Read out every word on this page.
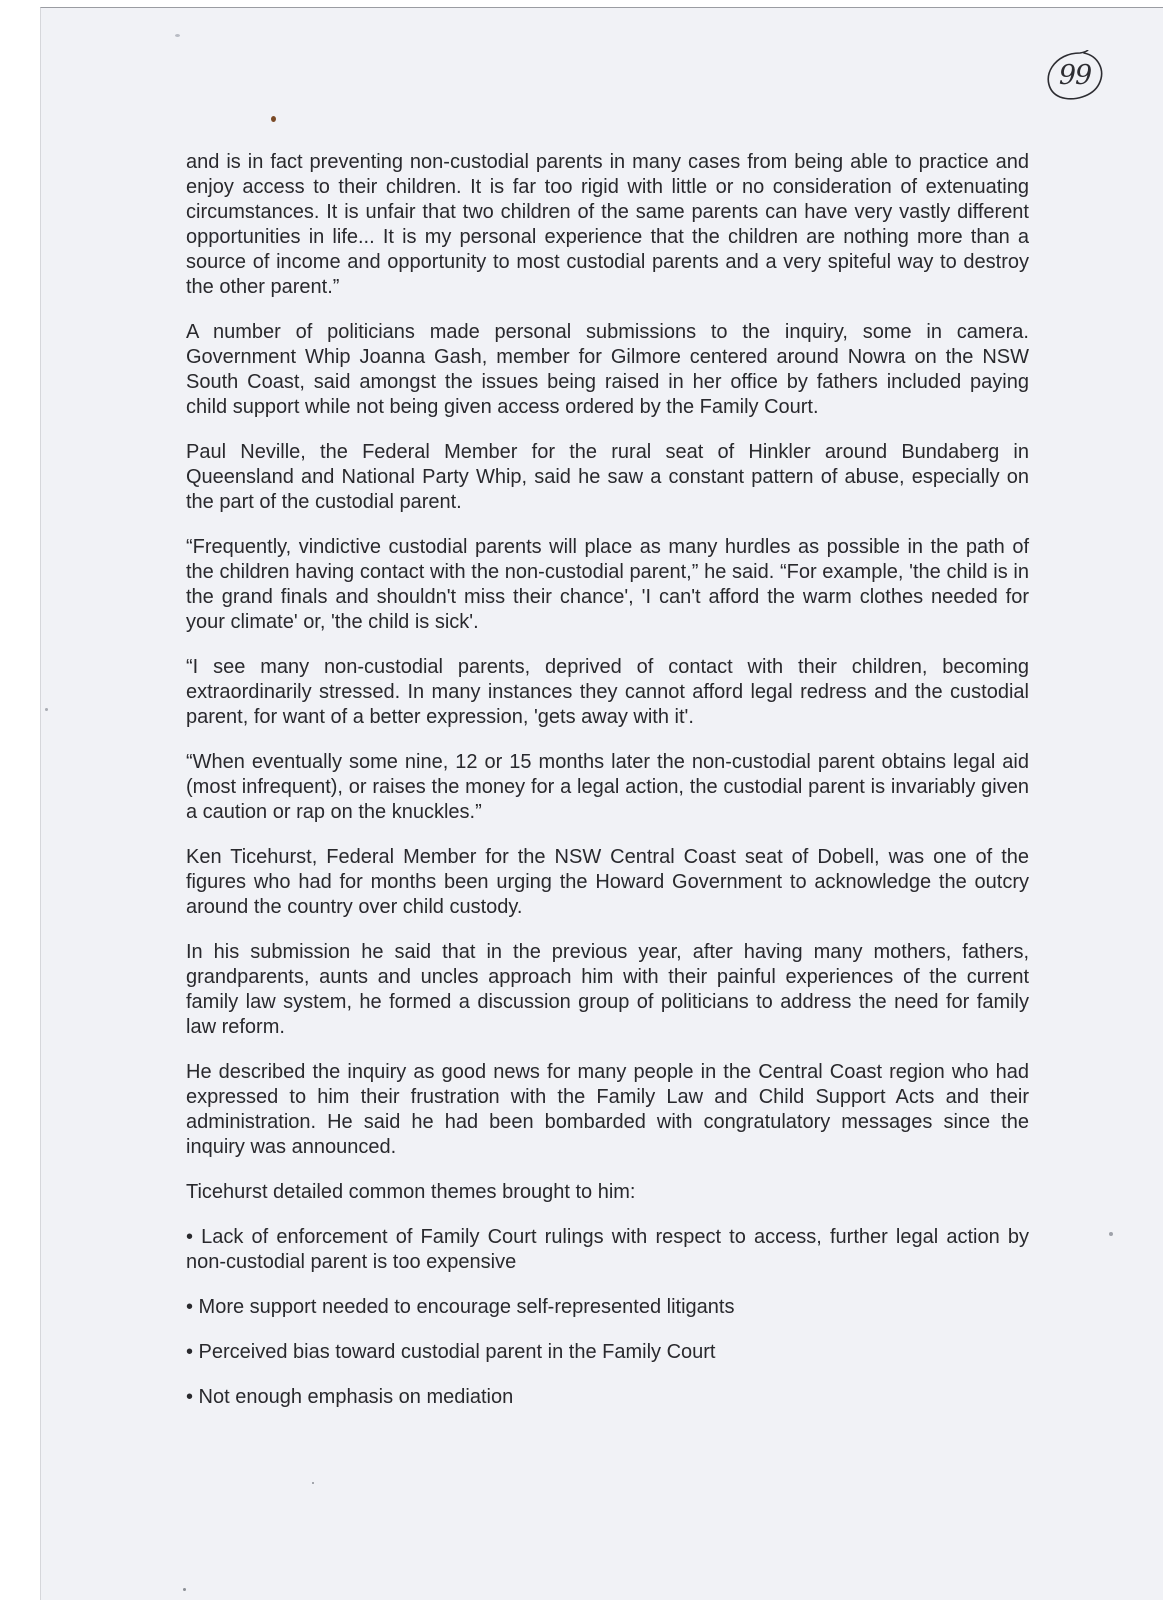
99

and is in fact preventing non-custodial parents in many cases from being able to practice and enjoy access to their children. It is far too rigid with little or no consideration of extenuating circumstances. It is unfair that two children of the same parents can have very vastly different opportunities in life... It is my personal experience that the children are nothing more than a source of income and opportunity to most custodial parents and a very spiteful way to destroy the other parent.”

A number of politicians made personal submissions to the inquiry, some in camera. Government Whip Joanna Gash, member for Gilmore centered around Nowra on the NSW South Coast, said amongst the issues being raised in her office by fathers included paying child support while not being given access ordered by the Family Court.

Paul Neville, the Federal Member for the rural seat of Hinkler around Bundaberg in Queensland and National Party Whip, said he saw a constant pattern of abuse, especially on the part of the custodial parent.

“Frequently, vindictive custodial parents will place as many hurdles as possible in the path of the children having contact with the non-custodial parent,” he said. “For example, 'the child is in the grand finals and shouldn't miss their chance', 'I can't afford the warm clothes needed for your climate' or, 'the child is sick'.

“I see many non-custodial parents, deprived of contact with their children, becoming extraordinarily stressed. In many instances they cannot afford legal redress and the custodial parent, for want of a better expression, 'gets away with it'.

“When eventually some nine, 12 or 15 months later the non-custodial parent obtains legal aid (most infrequent), or raises the money for a legal action, the custodial parent is invariably given a caution or rap on the knuckles.”

Ken Ticehurst, Federal Member for the NSW Central Coast seat of Dobell, was one of the figures who had for months been urging the Howard Government to acknowledge the outcry around the country over child custody.

In his submission he said that in the previous year, after having many mothers, fathers, grandparents, aunts and uncles approach him with their painful experiences of the current family law system, he formed a discussion group of politicians to address the need for family law reform.

He described the inquiry as good news for many people in the Central Coast region who had expressed to him their frustration with the Family Law and Child Support Acts and their administration. He said he had been bombarded with congratulatory messages since the inquiry was announced.

Ticehurst detailed common themes brought to him:

• Lack of enforcement of Family Court rulings with respect to access, further legal action by non-custodial parent is too expensive

• More support needed to encourage self-represented litigants

• Perceived bias toward custodial parent in the Family Court

• Not enough emphasis on mediation
